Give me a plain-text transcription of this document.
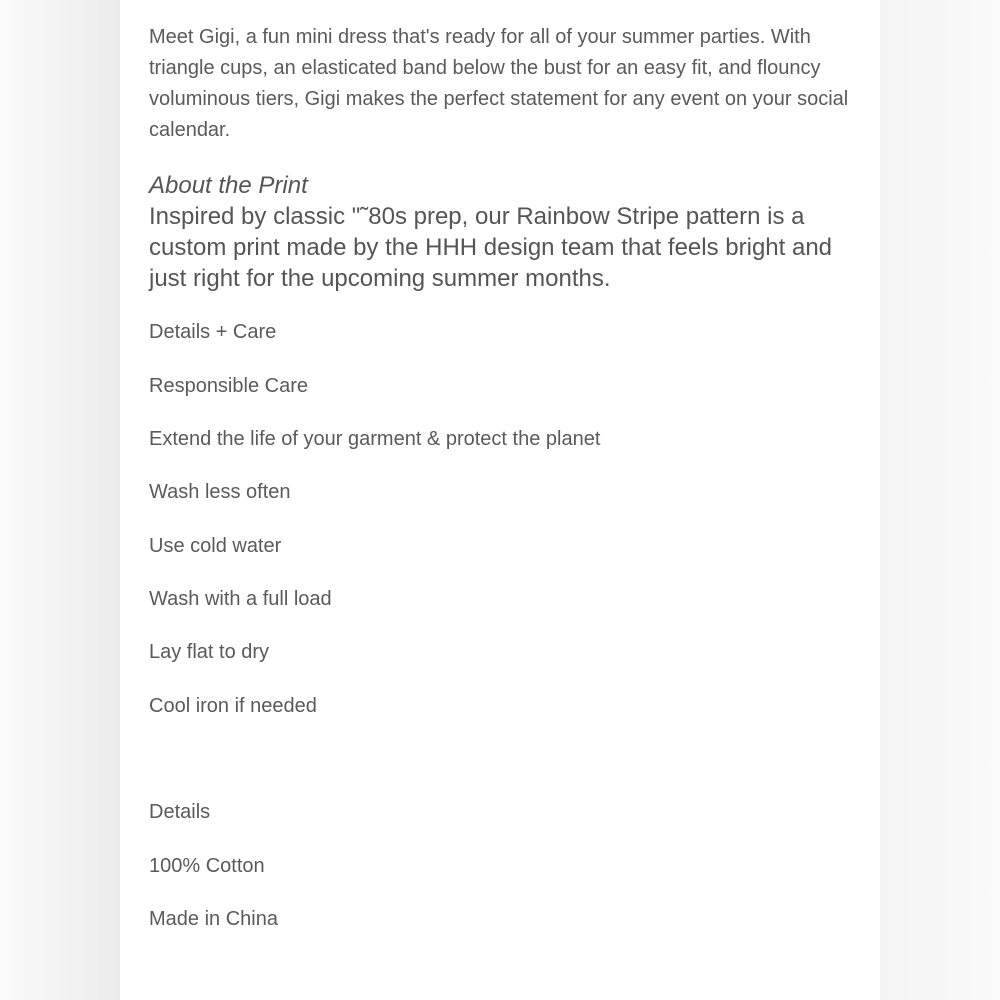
Meet Gigi, a fun mini dress that's ready for all of your summer parties. With triangle cups, an elasticated band below the bust for an easy fit, and flouncy voluminous tiers, Gigi makes the perfect statement for any event on your social calendar.

About the Print

Inspired by classic "˜80s prep, our Rainbow Stripe pattern is a custom print made by the HHH design team that feels bright and just right for the upcoming summer months.

Details + Care

Responsible Care

Extend the life of your garment & protect the planet

Wash less often

Use cold water

Wash with a full load

Lay flat to dry

Cool iron if needed

Details

100% Cotton

Made in China
